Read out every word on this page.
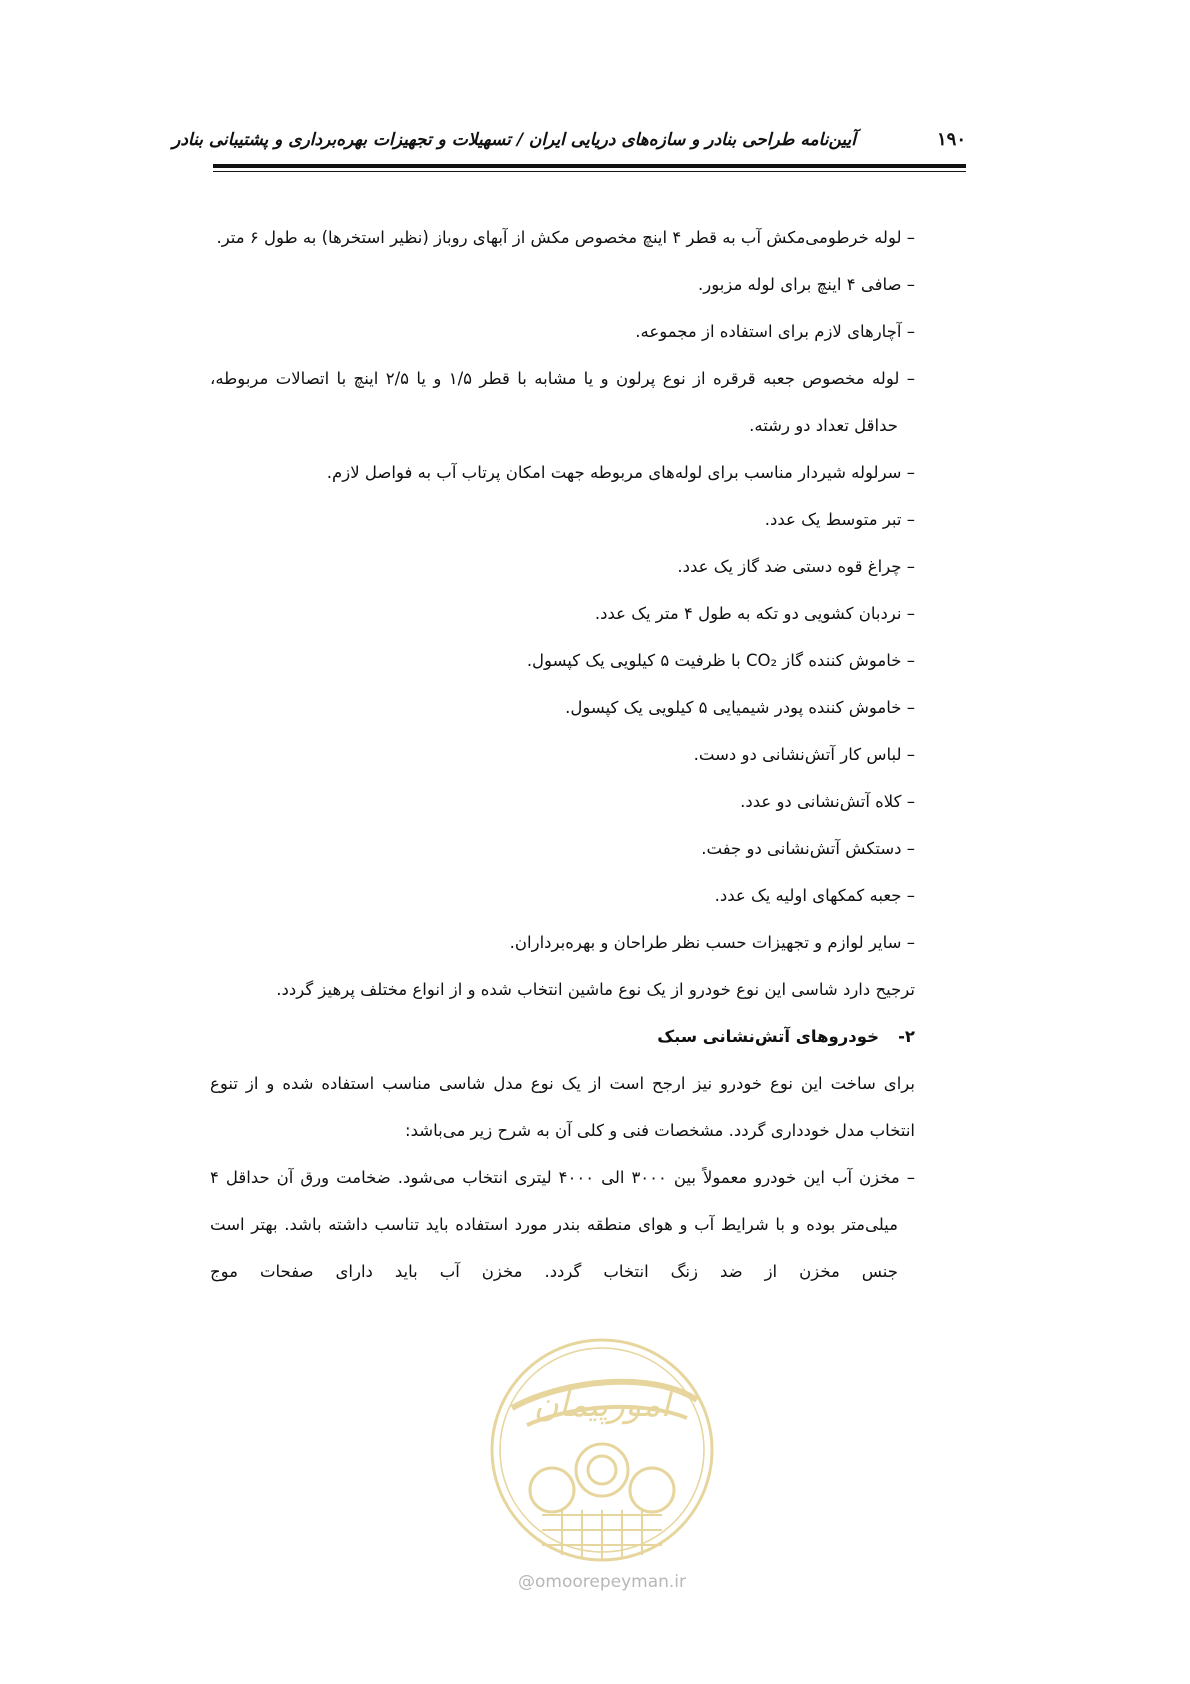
آیین‌نامه طراحی بنادر و سازه‌های دریایی ایران / تسهیلات و تجهیزات بهره‌برداری و پشتیبانی بنادر	۱۹۰
– لوله خرطومی‌مکش آب به قطر ۴ اینچ مخصوص مکش از آبهای روباز (نظیر استخرها) به طول ۶ متر.
– صافی ۴ اینچ برای لوله مزبور.
– آچارهای لازم برای استفاده از مجموعه.
– لوله مخصوص جعبه قرقره از نوع پرلون و یا مشابه با قطر ۱/۵ و یا ۲/۵ اینچ با اتصالات مربوطه، حداقل تعداد دو رشته.
– سرلوله شیردار مناسب برای لوله‌های مربوطه جهت امکان پرتاب آب به فواصل لازم.
– تبر متوسط یک عدد.
– چراغ قوه دستی ضد گاز یک عدد.
– نردبان کشویی دو تکه به طول ۴ متر یک عدد.
– خاموش کننده گاز CO₂ با ظرفیت ۵ کیلویی یک کپسول.
– خاموش کننده پودر شیمیایی ۵ کیلویی یک کپسول.
– لباس کار آتش‌نشانی دو دست.
– کلاه آتش‌نشانی دو عدد.
– دستکش آتش‌نشانی دو جفت.
– جعبه کمکهای اولیه یک عدد.
– سایر لوازم و تجهیزات حسب نظر طراحان و بهره‌برداران.
ترجیح دارد شاسی این نوع خودرو از یک نوع ماشین انتخاب شده و از انواع مختلف پرهیز گردد.
۲-خودروهای آتش‌نشانی سبک
برای ساخت این نوع خودرو نیز ارجح است از یک نوع مدل شاسی مناسب استفاده شده و از تنوع انتخاب مدل خودداری گردد. مشخصات فنی و کلی آن به شرح زیر می‌باشد:
– مخزن آب این خودرو معمولاً بین ۳۰۰۰ الی ۴۰۰۰ لیتری انتخاب می‌شود. ضخامت ورق آن حداقل ۴ میلی‌متر بوده و با شرایط آب و هوای منطقه بندر مورد استفاده باید تناسب داشته باشد. بهتر است جنس مخزن از ضد زنگ انتخاب گردد. مخزن آب باید دارای صفحات موج
امورپیمان
@omoorepeyman.ir
